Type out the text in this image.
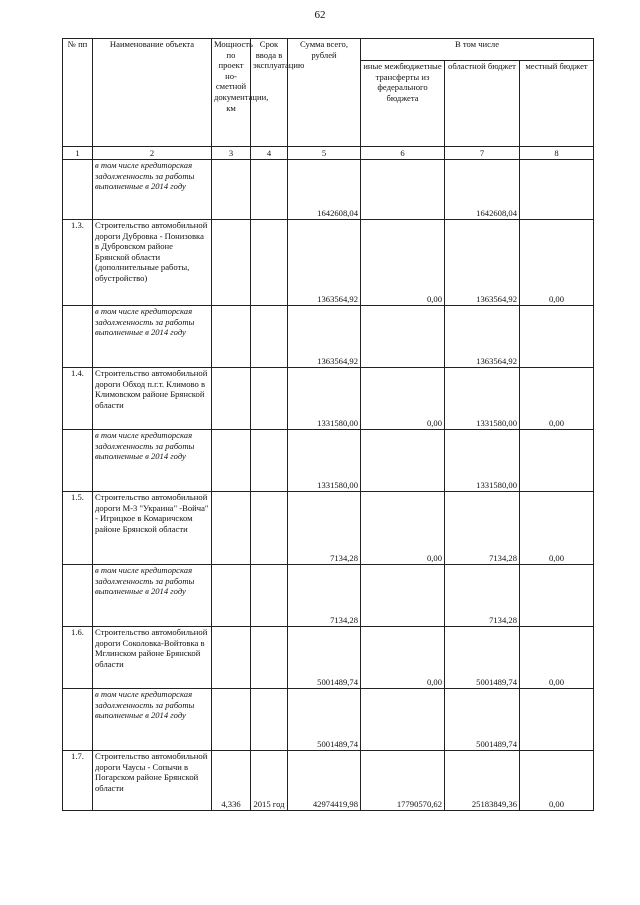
62
№ пп	Наименование объекта	Мощность по проект но-сметной документации, км	Срок ввода в эксплуатацию	Сумма всего, рублей	В том числе		
					иные межбюджетные трансферты из федерального бюджета	областной бюджет	местный бюджет
1	2	3	4	5	6	7	8
	в том числе кредиторская задолженность за работы выполненные в 2014 году			1642608,04		1642608,04	
1.3.	Строительство автомобильной дороги Дубровка - Понизовка в Дубровском районе Брянской области (дополнительные работы, обустройство)			1363564,92	0,00	1363564,92	0,00
	в том числе кредиторская задолженность за работы выполненные в 2014 году			1363564,92		1363564,92	
1.4.	Строительство автомобильной дороги Обход п.г.т. Климово в Климовском районе Брянской области			1331580,00	0,00	1331580,00	0,00
	в том числе кредиторская задолженность за работы выполненные в 2014 году			1331580,00		1331580,00	
1.5.	Строительство автомобильной дороги М-3 "Украина" -Войча" - Игрицкое в Комаричском районе Брянской области			7134,28	0,00	7134,28	0,00
	в том числе кредиторская задолженность за работы выполненные в 2014 году			7134,28		7134,28	
1.6.	Строительство автомобильной дороги Соколовка-Войтовка в Мглинском районе Брянской области			5001489,74	0,00	5001489,74	0,00
	в том числе кредиторская задолженность за работы выполненные в 2014 году			5001489,74		5001489,74	
1.7.	Строительство автомобильной дороги Чаусы - Сопычи в Погарском районе Брянской области	4,336	2015 год	42974419,98	17790570,62	25183849,36	0,00
